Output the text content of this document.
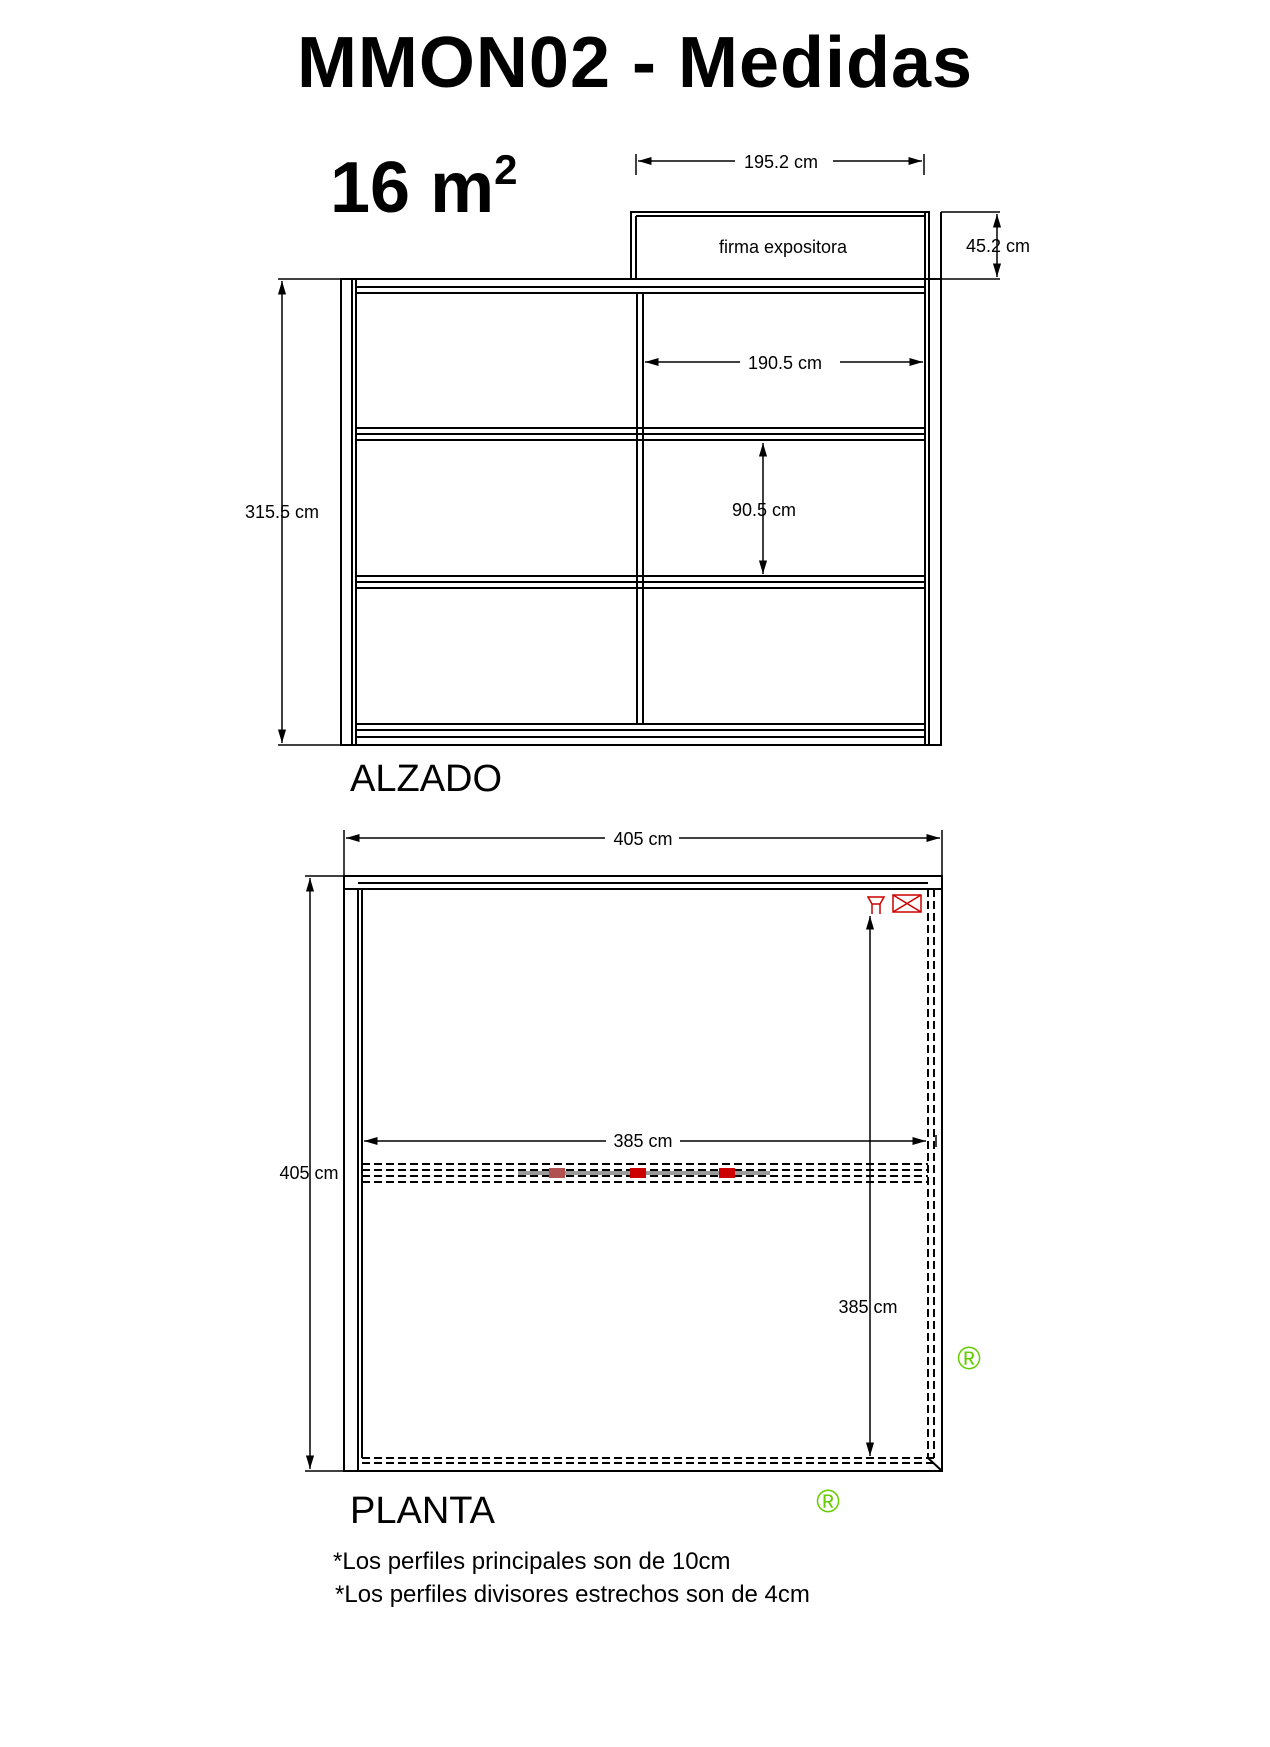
MMON02 - Medidas
16 $m^2$
firma expositora
195.2 cm
45.2 cm
190.5 cm
90.5 cm
315.5 cm
405 cm
405 cm
385 cm
385 cm
®
®
ALZADO
PLANTA
*Los perfiles principales son de 10cm
*Los perfiles divisores estrechos son de 4cm
